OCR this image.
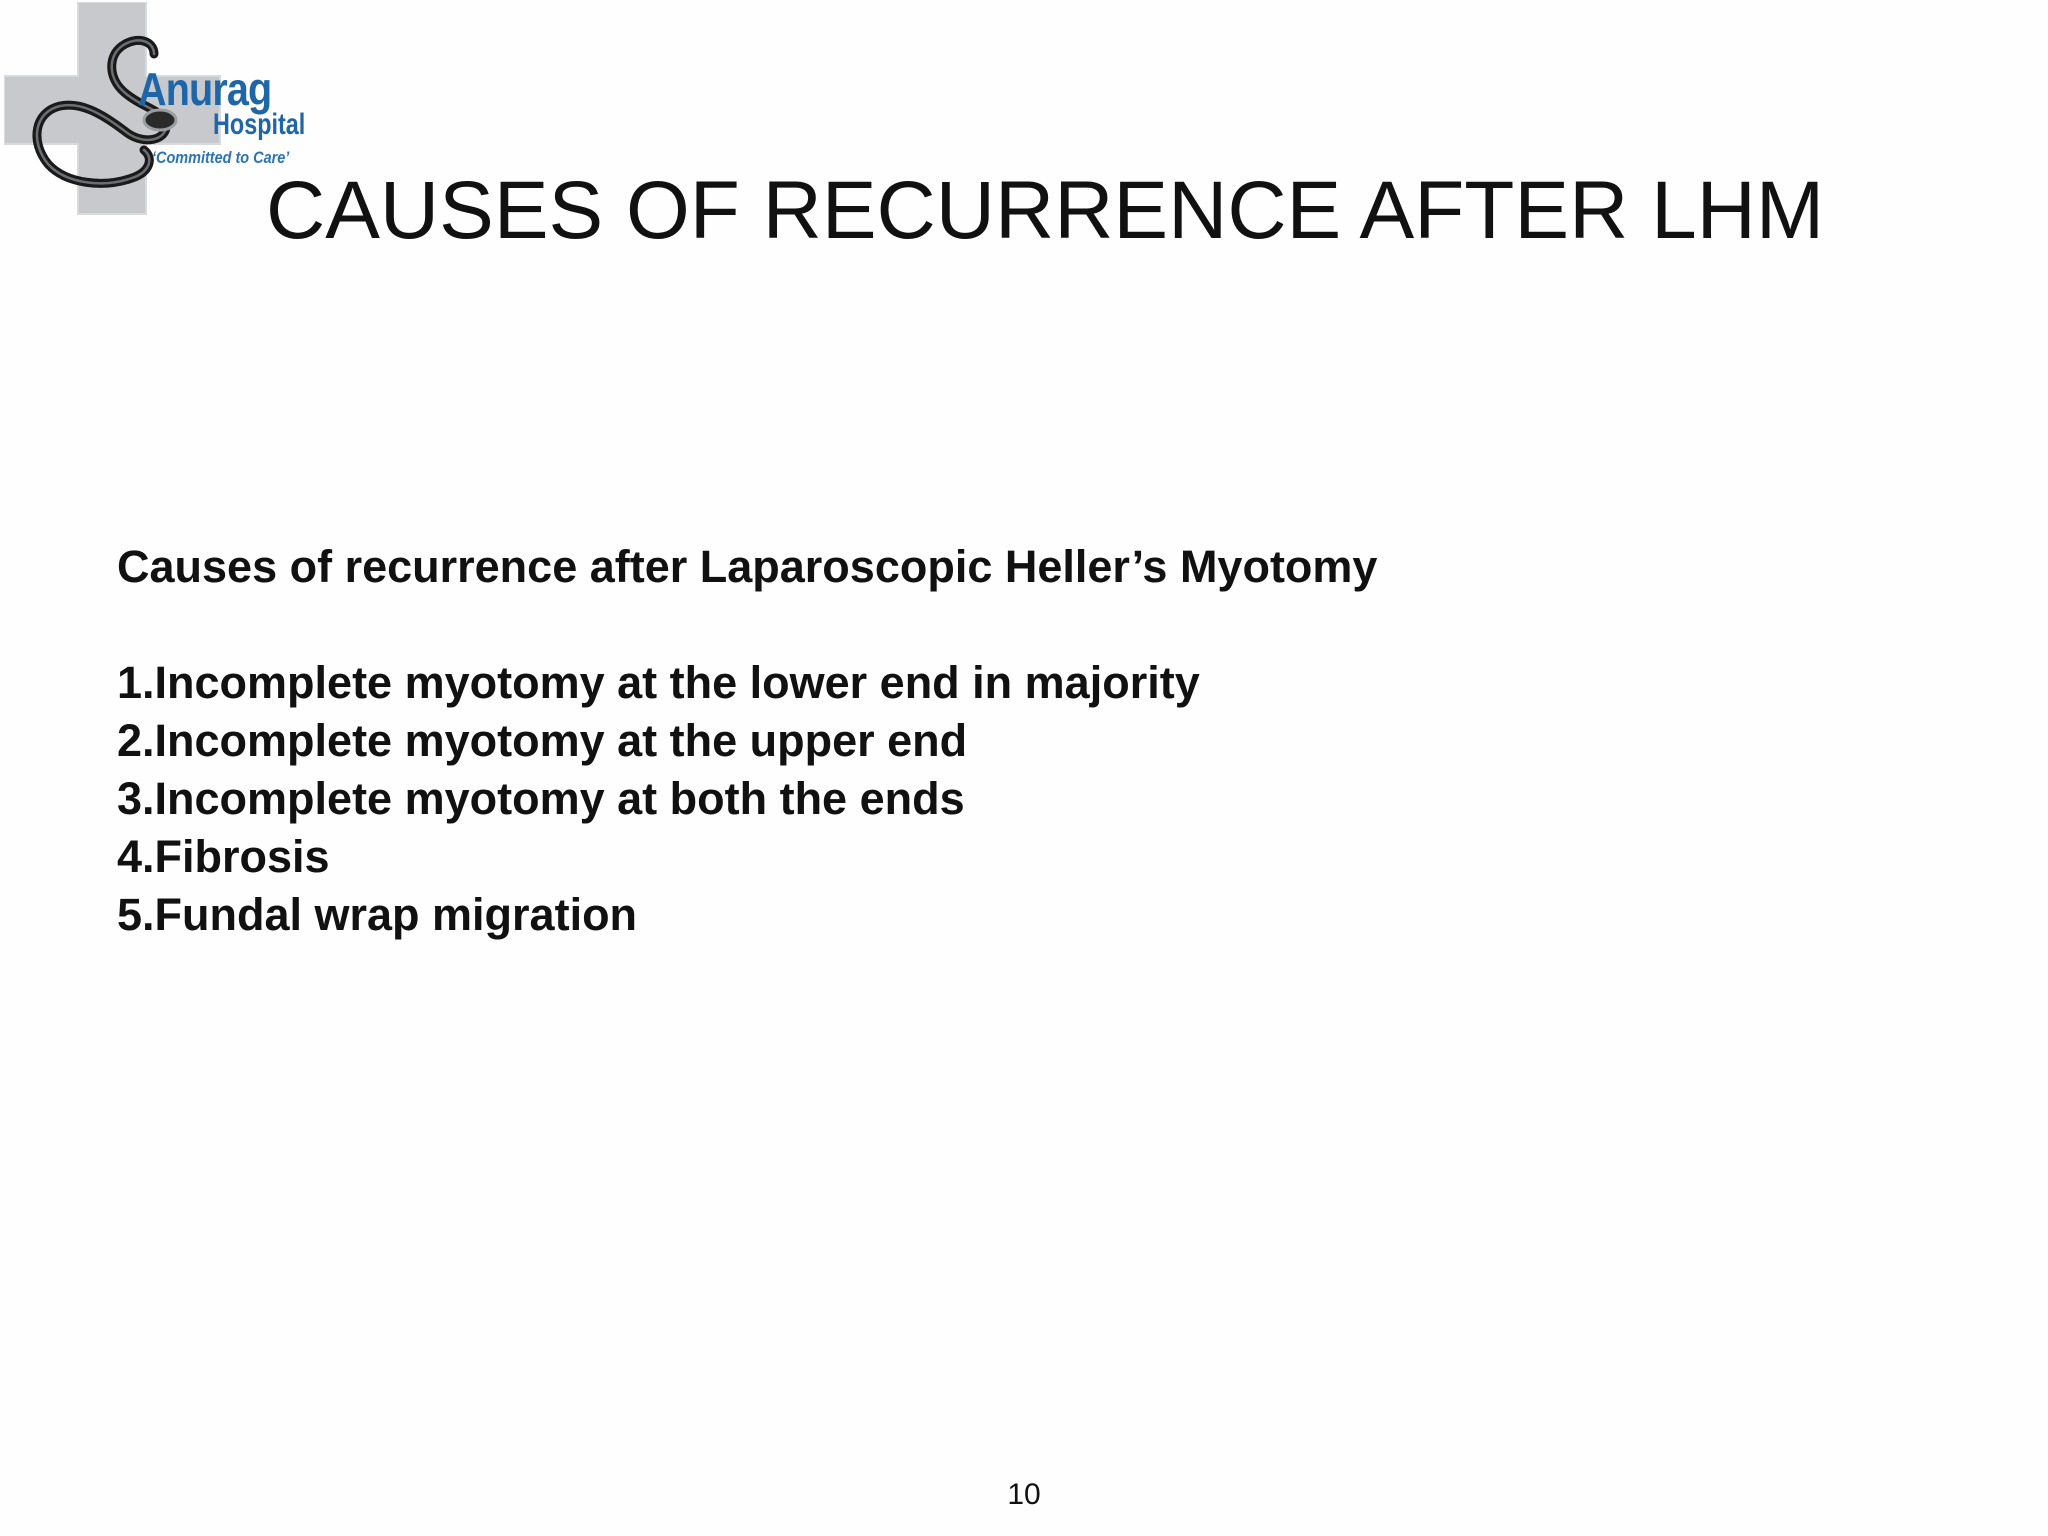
Anurag
Hospital
‘Committed to Care’
CAUSES OF RECURRENCE AFTER LHM

Causes of recurrence after Laparoscopic Heller’s Myotomy

1.Incomplete myotomy at the lower end in majority
2.Incomplete myotomy at the upper end
3.Incomplete myotomy at both the ends
4.Fibrosis
5.Fundal wrap migration
10
